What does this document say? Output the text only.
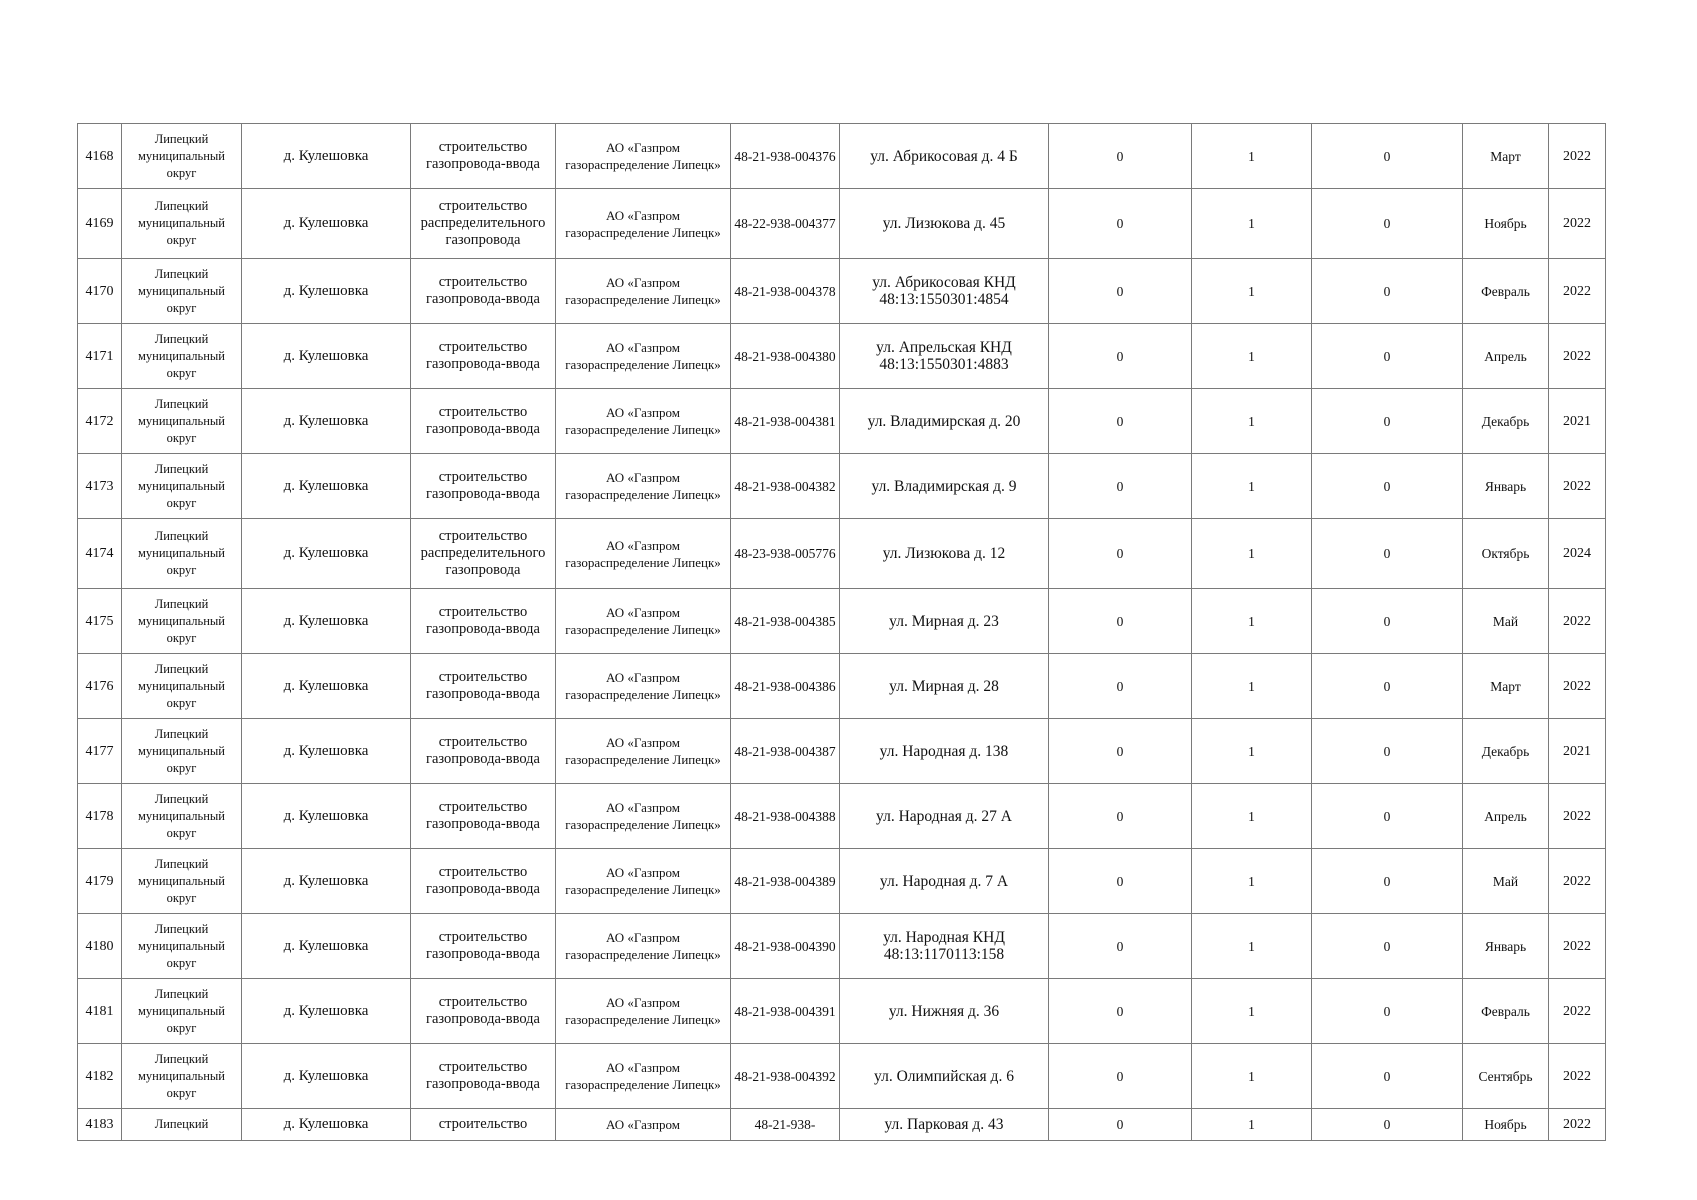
4168	Липецкий муниципальный округ	д. Кулешовка	строительство газопровода-ввода	АО «Газпром газораспределение Липецк»	48-21-938-004376	ул. Абрикосовая д. 4 Б	0	1	0	Март	2022
4169	Липецкий муниципальный округ	д. Кулешовка	строительство распределительного газопровода	АО «Газпром газораспределение Липецк»	48-22-938-004377	ул. Лизюкова д. 45	0	1	0	Ноябрь	2022
4170	Липецкий муниципальный округ	д. Кулешовка	строительство газопровода-ввода	АО «Газпром газораспределение Липецк»	48-21-938-004378	ул. Абрикосовая КНД 48:13:1550301:4854	0	1	0	Февраль	2022
4171	Липецкий муниципальный округ	д. Кулешовка	строительство газопровода-ввода	АО «Газпром газораспределение Липецк»	48-21-938-004380	ул. Апрельская КНД 48:13:1550301:4883	0	1	0	Апрель	2022
4172	Липецкий муниципальный округ	д. Кулешовка	строительство газопровода-ввода	АО «Газпром газораспределение Липецк»	48-21-938-004381	ул. Владимирская д. 20	0	1	0	Декабрь	2021
4173	Липецкий муниципальный округ	д. Кулешовка	строительство газопровода-ввода	АО «Газпром газораспределение Липецк»	48-21-938-004382	ул. Владимирская д. 9	0	1	0	Январь	2022
4174	Липецкий муниципальный округ	д. Кулешовка	строительство распределительного газопровода	АО «Газпром газораспределение Липецк»	48-23-938-005776	ул. Лизюкова д. 12	0	1	0	Октябрь	2024
4175	Липецкий муниципальный округ	д. Кулешовка	строительство газопровода-ввода	АО «Газпром газораспределение Липецк»	48-21-938-004385	ул. Мирная д. 23	0	1	0	Май	2022
4176	Липецкий муниципальный округ	д. Кулешовка	строительство газопровода-ввода	АО «Газпром газораспределение Липецк»	48-21-938-004386	ул. Мирная д. 28	0	1	0	Март	2022
4177	Липецкий муниципальный округ	д. Кулешовка	строительство газопровода-ввода	АО «Газпром газораспределение Липецк»	48-21-938-004387	ул. Народная д. 138	0	1	0	Декабрь	2021
4178	Липецкий муниципальный округ	д. Кулешовка	строительство газопровода-ввода	АО «Газпром газораспределение Липецк»	48-21-938-004388	ул. Народная д. 27 А	0	1	0	Апрель	2022
4179	Липецкий муниципальный округ	д. Кулешовка	строительство газопровода-ввода	АО «Газпром газораспределение Липецк»	48-21-938-004389	ул. Народная д. 7 А	0	1	0	Май	2022
4180	Липецкий муниципальный округ	д. Кулешовка	строительство газопровода-ввода	АО «Газпром газораспределение Липецк»	48-21-938-004390	ул. Народная КНД 48:13:1170113:158	0	1	0	Январь	2022
4181	Липецкий муниципальный округ	д. Кулешовка	строительство газопровода-ввода	АО «Газпром газораспределение Липецк»	48-21-938-004391	ул. Нижняя д. 36	0	1	0	Февраль	2022
4182	Липецкий муниципальный округ	д. Кулешовка	строительство газопровода-ввода	АО «Газпром газораспределение Липецк»	48-21-938-004392	ул. Олимпийская д. 6	0	1	0	Сентябрь	2022
4183	Липецкий	д. Кулешовка	строительство	АО «Газпром	48-21-938-	ул. Парковая д. 43	0	1	0	Ноябрь	2022
